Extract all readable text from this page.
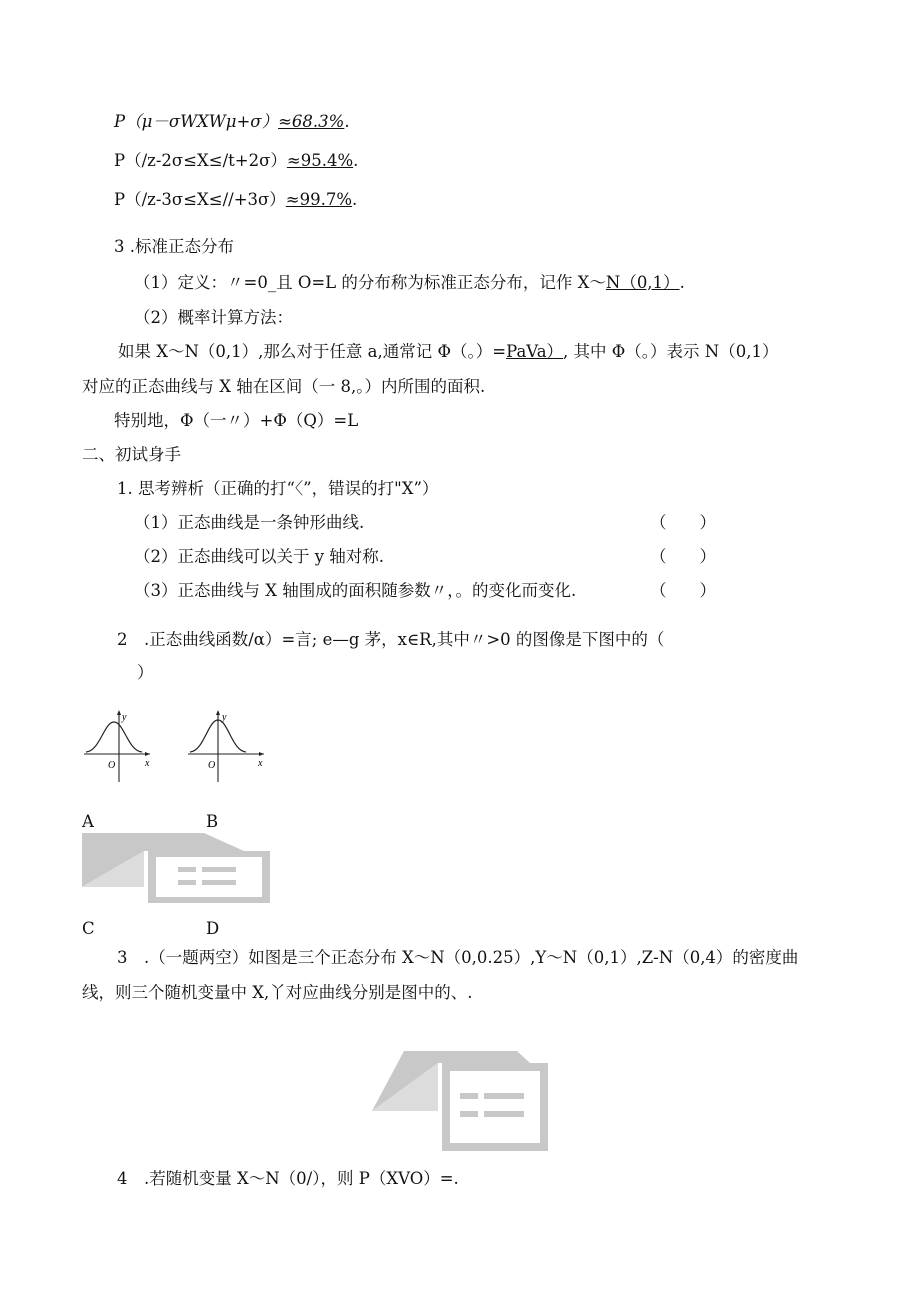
P（μ－σWXWμ+σ）≈68.3%.
P（/z-2σ≤X≤/t+2σ）≈95.4%.
P（/z-3σ≤X≤//+3σ）≈99.7%.
3 .标准正态分布
（1）定义：〃=0_且 O=L 的分布称为标准正态分布，记作 X～N（0,1）.
（2）概率计算方法：
如果 X～N（0,1）,那么对于任意 a,通常记 Φ（。）=PaVa）, 其中 Φ（。）表示 N（0,1）
对应的正态曲线与 X 轴在区间（一 8,。）内所围的面积.
特别地，Φ（一〃）+Φ（Q）=L
二、初试身手
1. 思考辨析（正确的打“〈”，错误的打"X”）
（1）正态曲线是一条钟形曲线.	（　　）
（2）正态曲线可以关于 y 轴对称.	（　　）
（3）正态曲线与 X 轴围成的面积随参数〃，。的变化而变化.	（　　）
2　.正态曲线函数/α）=言; e—g 茅，x∈R,其中〃>0 的图像是下图中的（
）
y
x
O
y
x
O
A	B
C	D
3　.（一题两空）如图是三个正态分布 X～N（0,0.25）,Y～N（0,1）,Z-N（0,4）的密度曲
线，则三个随机变量中 X,丫对应曲线分别是图中的、.
4　.若随机变量 X～N（0/），则 P（XVO）=.
